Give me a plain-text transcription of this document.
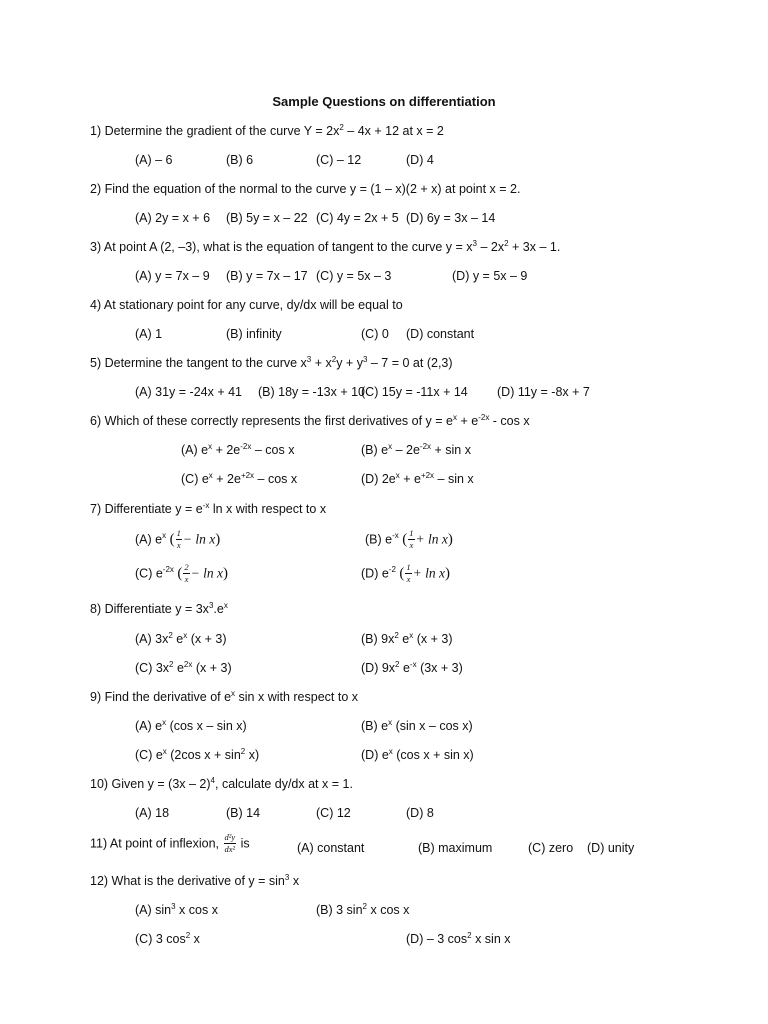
Sample Questions on differentiation
1) Determine the gradient of the curve $Y = 2x^2 - 4x + 12$ at x = 2
(A) – 6	(B) 6	(C) – 12	(D) 4
2) Find the equation of the normal to the curve y = (1 – x)(2 + x) at point x = 2.
(A) 2y = x + 6 (B) 5y = x – 22 (C) 4y = 2x + 5 (D) 6y = 3x – 14
3) At point A (2, –3), what is the equation of tangent to the curve $y = x^3 - 2x^2 + 3x - 1$.
(A) y = 7x – 9 (B) y = 7x – 17 (C) y = 5x – 3	(D) y = 5x – 9
4) At stationary point for any curve, dy/dx will be equal to
(A) 1	(B) infinity	(C) 0 (D) constant
5) Determine the tangent to the curve $x^3 + x^2y + y^3 - 7 = 0$ at (2,3)
(A) 31y = -24x + 41 (B) 18y = -13x + 10
(C) 15y = -11x + 14 (D) 11y = -8x + 7
6) Which of these correctly represents the first derivatives of $y = e^x + e^{-2x} - \cos x$
(A) $e^x + 2e^{-2x} - \cos x$	(B) $e^x - 2e^{-2x} + \sin x$
(C) $e^x + 2e^{+2x} - \cos x$	(D) $2e^x + e^{+2x} - \sin x$
7) Differentiate $y = e^{-x}$ ln x with respect to x
(A) $e^x$ ( $\frac{1}{x} - \ln x$)	(B) $e^{-x}$ ( $\frac{1}{x} + \ln x$)
(C) $e^{-2x}$ ( $\frac{2}{x} - \ln x$)	(D) $e^{-2}$ ( $\frac{1}{x} + \ln x$)
8) Differentiate $y = 3x^3.e^x$
(A) $3x^2$ $e^x$ (x + 3)	(B) $9x^2$ $e^x$ (x + 3)
(C) $3x^2$ $e^{2x}$ (x + 3)	(D) $9x^2$ $e^{-x}$ (3x + 3)
9) Find the derivative of $e^x$ sin x with respect to x
(A) $e^x$ (cos x – sin x)	(B) $e^x$ (sin x – cos x)
(C) $e^x$ (2cos $x + \sin^2 x$)	(D) $e^x$ (cos x + sin x)
10) Given y = (3x – 2)$^4$, calculate dy/dx at x = 1.
(A) 18	(B) 14	(C) 12	(D) 8
11) At point of inflexion, $\frac{\text{d²y}}{\text{dx²}}$ is	(A) constant	(B) maximum	(C) zero (D) unity
12) What is the derivative of $y = \sin^3 x$
(A) $\sin^3 x$ cos x	(B) 3 $\sin^2 x$ cos x
(C) 3 $\cos^2 x$	(D) – 3 $\cos^2 x$ sin x
